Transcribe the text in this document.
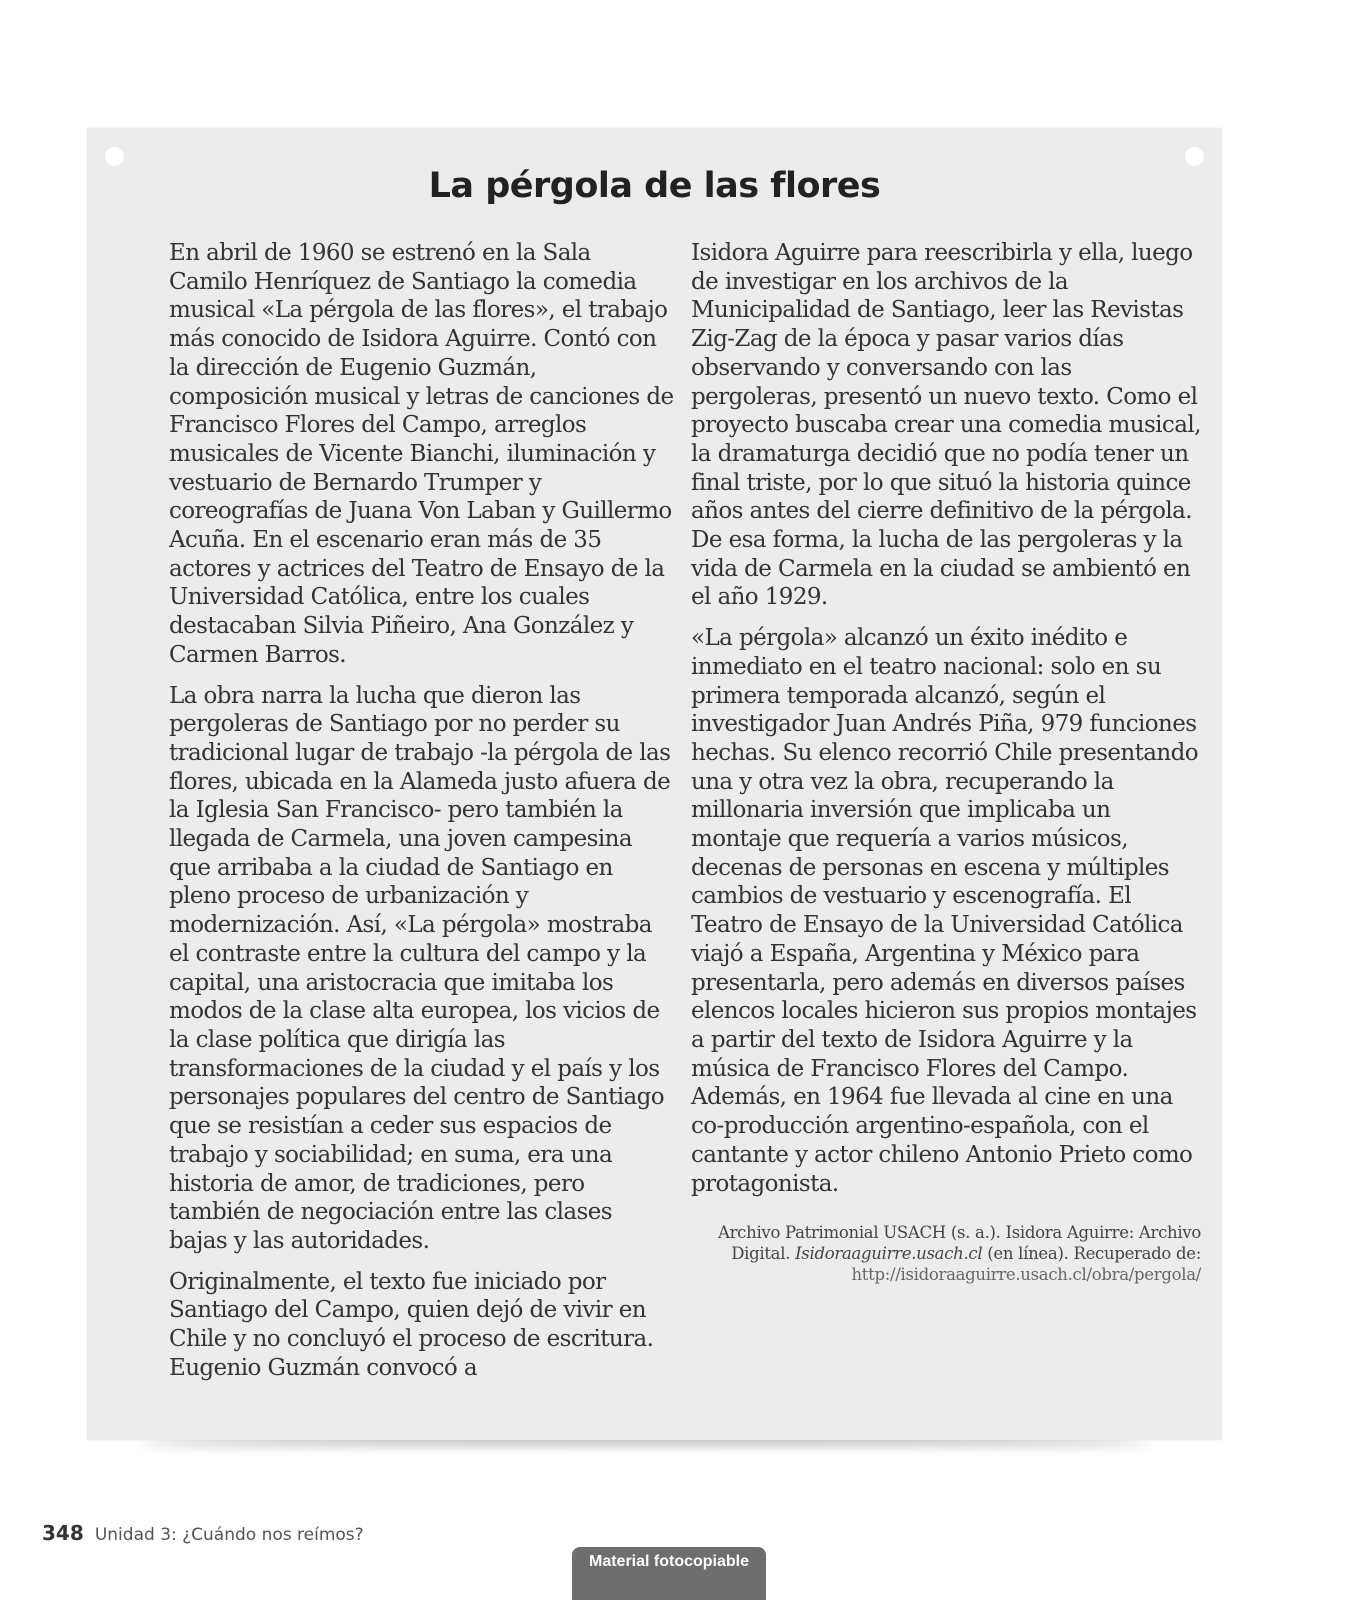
La pérgola de las flores

En abril de 1960 se estrenó en la Sala Camilo Henríquez de Santiago la comedia musical «La pérgola de las flores», el trabajo más conocido de Isidora Aguirre. Contó con la dirección de Eugenio Guzmán, composición musical y letras de canciones de Francisco Flores del Campo, arreglos musicales de Vicente Bianchi, iluminación y vestuario de Bernardo Trumper y coreografías de Juana Von Laban y Guillermo Acuña. En el escenario eran más de 35 actores y actrices del Teatro de Ensayo de la Universidad Católica, entre los cuales destacaban Silvia Piñeiro, Ana González y Carmen Barros.

La obra narra la lucha que dieron las pergoleras de Santiago por no perder su tradicional lugar de trabajo -la pérgola de las flores, ubicada en la Alameda justo afuera de la Iglesia San Francisco- pero también la llegada de Carmela, una joven campesina que arribaba a la ciudad de Santiago en pleno proceso de urbanización y modernización. Así, «La pérgola» mostraba el contraste entre la cultura del campo y la capital, una aristocracia que imitaba los modos de la clase alta europea, los vicios de la clase política que dirigía las transformaciones de la ciudad y el país y los personajes populares del centro de Santiago que se resistían a ceder sus espacios de trabajo y sociabilidad; en suma, era una historia de amor, de tradiciones, pero también de negociación entre las clases bajas y las autoridades.

Originalmente, el texto fue iniciado por Santiago del Campo, quien dejó de vivir en Chile y no concluyó el proceso de escritura. Eugenio Guzmán convocó a

Isidora Aguirre para reescribirla y ella, luego de investigar en los archivos de la Municipalidad de Santiago, leer las Revistas Zig-Zag de la época y pasar varios días observando y conversando con las pergoleras, presentó un nuevo texto. Como el proyecto buscaba crear una comedia musical, la dramaturga decidió que no podía tener un final triste, por lo que situó la historia quince años antes del cierre definitivo de la pérgola. De esa forma, la lucha de las pergoleras y la vida de Carmela en la ciudad se ambientó en el año 1929.

«La pérgola» alcanzó un éxito inédito e inmediato en el teatro nacional: solo en su primera temporada alcanzó, según el investigador Juan Andrés Piña, 979 funciones hechas. Su elenco recorrió Chile presentando una y otra vez la obra, recuperando la millonaria inversión que implicaba un montaje que requería a varios músicos, decenas de personas en escena y múltiples cambios de vestuario y escenografía. El Teatro de Ensayo de la Universidad Católica viajó a España, Argentina y México para presentarla, pero además en diversos países elencos locales hicieron sus propios montajes a partir del texto de Isidora Aguirre y la música de Francisco Flores del Campo. Además, en 1964 fue llevada al cine en una co-producción argentino-española, con el cantante y actor chileno Antonio Prieto como protagonista.

Archivo Patrimonial USACH (s. a.). Isidora Aguirre: Archivo Digital. Isidoraaguirre.usach.cl (en línea). Recuperado de:
http://isidoraaguirre.usach.cl/obra/pergola/
348 Unidad 3: ¿Cuándo nos reímos?
Material fotocopiable
